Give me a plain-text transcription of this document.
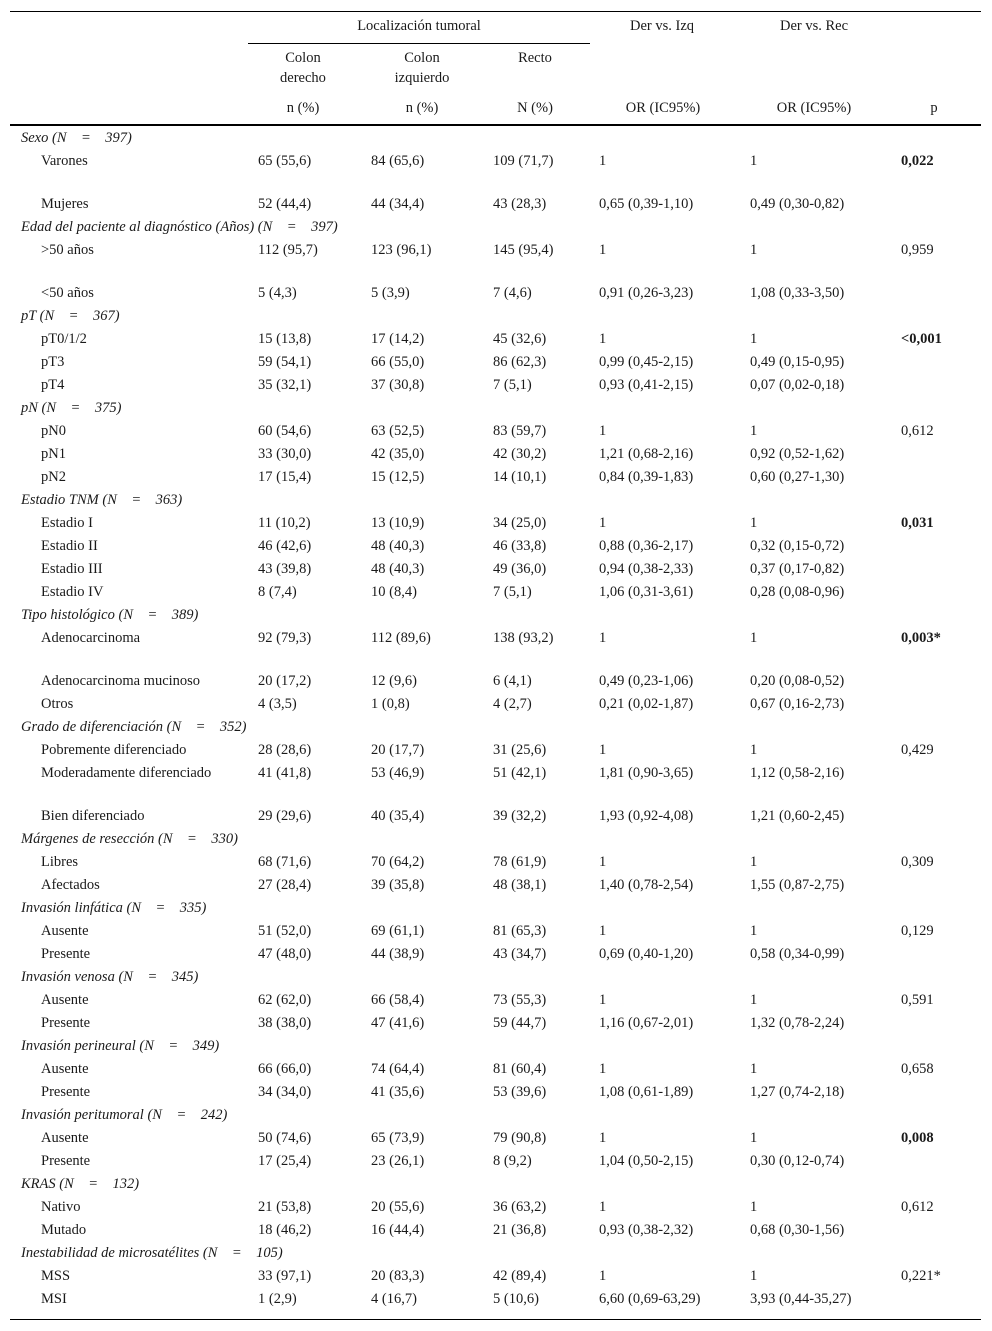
Localización tumoral	Der vs. Izq	Der vs. Rec
Colon derecho
Colon izquierdo
Recto
n (%)	n (%)	N (%)	OR (IC95%)	OR (IC95%)	p
Sexo (N = 397)						
Varones	65 (55,6)	84 (65,6)	109 (71,7)	1	1	0,022
Mujeres	52 (44,4)	44 (34,4)	43 (28,3)	0,65 (0,39-1,10)	0,49 (0,30-0,82)	
Edad del paciente al diagnóstico (Años) (N = 397)						
>50 años	112 (95,7)	123 (96,1)	145 (95,4)	1	1	0,959
<50 años	5 (4,3)	5 (3,9)	7 (4,6)	0,91 (0,26-3,23)	1,08 (0,33-3,50)	
pT (N = 367)						
pT0/1/2	15 (13,8)	17 (14,2)	45 (32,6)	1	1	<0,001
pT3	59 (54,1)	66 (55,0)	86 (62,3)	0,99 (0,45-2,15)	0,49 (0,15-0,95)	
pT4	35 (32,1)	37 (30,8)	7 (5,1)	0,93 (0,41-2,15)	0,07 (0,02-0,18)	
pN (N = 375)						
pN0	60 (54,6)	63 (52,5)	83 (59,7)	1	1	0,612
pN1	33 (30,0)	42 (35,0)	42 (30,2)	1,21 (0,68-2,16)	0,92 (0,52-1,62)	
pN2	17 (15,4)	15 (12,5)	14 (10,1)	0,84 (0,39-1,83)	0,60 (0,27-1,30)	
Estadio TNM (N = 363)						
Estadio I	11 (10,2)	13 (10,9)	34 (25,0)	1	1	0,031
Estadio II	46 (42,6)	48 (40,3)	46 (33,8)	0,88 (0,36-2,17)	0,32 (0,15-0,72)	
Estadio III	43 (39,8)	48 (40,3)	49 (36,0)	0,94 (0,38-2,33)	0,37 (0,17-0,82)	
Estadio IV	8 (7,4)	10 (8,4)	7 (5,1)	1,06 (0,31-3,61)	0,28 (0,08-0,96)	
Tipo histológico (N = 389)						
Adenocarcinoma	92 (79,3)	112 (89,6)	138 (93,2)	1	1	0,003*
Adenocarcinoma mucinoso	20 (17,2)	12 (9,6)	6 (4,1)	0,49 (0,23-1,06)	0,20 (0,08-0,52)	
Otros	4 (3,5)	1 (0,8)	4 (2,7)	0,21 (0,02-1,87)	0,67 (0,16-2,73)	
Grado de diferenciación (N = 352)						
Pobremente diferenciado	28 (28,6)	20 (17,7)	31 (25,6)	1	1	0,429
Moderadamente diferenciado	41 (41,8)	53 (46,9)	51 (42,1)	1,81 (0,90-3,65)	1,12 (0,58-2,16)	
Bien diferenciado	29 (29,6)	40 (35,4)	39 (32,2)	1,93 (0,92-4,08)	1,21 (0,60-2,45)	
Márgenes de resección (N = 330)						
Libres	68 (71,6)	70 (64,2)	78 (61,9)	1	1	0,309
Afectados	27 (28,4)	39 (35,8)	48 (38,1)	1,40 (0,78-2,54)	1,55 (0,87-2,75)	
Invasión linfática (N = 335)						
Ausente	51 (52,0)	69 (61,1)	81 (65,3)	1	1	0,129
Presente	47 (48,0)	44 (38,9)	43 (34,7)	0,69 (0,40-1,20)	0,58 (0,34-0,99)	
Invasión venosa (N = 345)						
Ausente	62 (62,0)	66 (58,4)	73 (55,3)	1	1	0,591
Presente	38 (38,0)	47 (41,6)	59 (44,7)	1,16 (0,67-2,01)	1,32 (0,78-2,24)	
Invasión perineural (N = 349)						
Ausente	66 (66,0)	74 (64,4)	81 (60,4)	1	1	0,658
Presente	34 (34,0)	41 (35,6)	53 (39,6)	1,08 (0,61-1,89)	1,27 (0,74-2,18)	
Invasión peritumoral (N = 242)						
Ausente	50 (74,6)	65 (73,9)	79 (90,8)	1	1	0,008
Presente	17 (25,4)	23 (26,1)	8 (9,2)	1,04 (0,50-2,15)	0,30 (0,12-0,74)	
KRAS (N = 132)						
Nativo	21 (53,8)	20 (55,6)	36 (63,2)	1	1	0,612
Mutado	18 (46,2)	16 (44,4)	21 (36,8)	0,93 (0,38-2,32)	0,68 (0,30-1,56)	
Inestabilidad de microsatélites (N = 105)						
MSS	33 (97,1)	20 (83,3)	42 (89,4)	1	1	0,221*
MSI	1 (2,9)	4 (16,7)	5 (10,6)	6,60 (0,69-63,29)	3,93 (0,44-35,27)	
